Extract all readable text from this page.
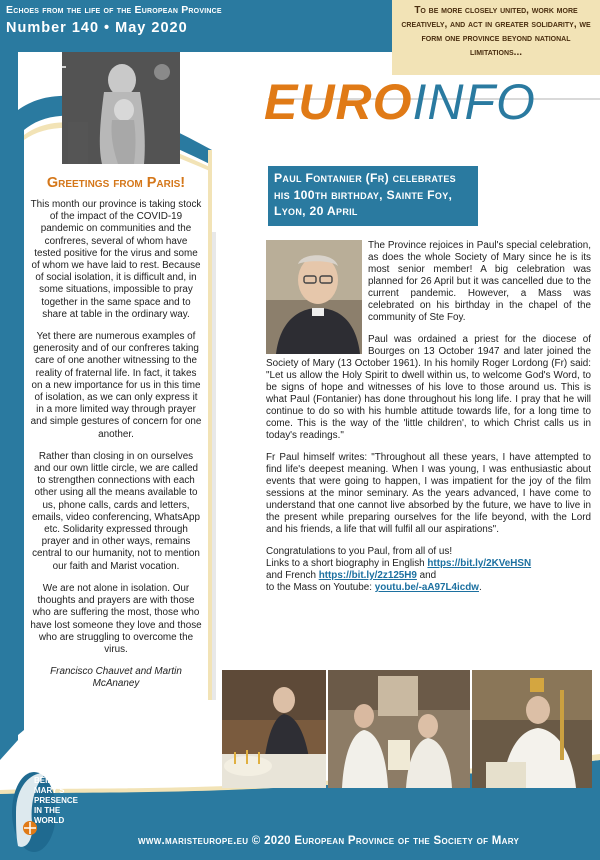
Echoes from the life of the European Province
Number 140 • May 2020

To be more closely united, work more creatively, and act in greater solidarity, we form one province beyond national limitations...

Greetings from Paris!

This month our province is taking stock of the impact of the COVID-19 pandemic on communities and the confreres, several of whom have tested positive for the virus and some of whom we have laid to rest. Because of social isolation, it is difficult and, in some situations, impossible to pray together in the same space and to share at table in the ordinary way.

Yet there are numerous examples of generosity and of our confreres taking care of one another witnessing to the reality of fraternal life. In fact, it takes on a new importance for us in this time of isolation, as we can only express it in a more limited way through prayer and simple gestures of concern for one another.

Rather than closing in on ourselves and our own little circle, we are called to strengthen connections with each other using all the means available to us, phone calls, cards and letters, emails, video conferencing, WhatsApp etc. Solidarity expressed through prayer and in other ways, remains central to our humanity, not to mention our faith and Marist vocation.

We are not alone in isolation. Our thoughts and prayers are with those who are suffering the most, those who have lost someone they love and those who are struggling to overcome the virus.

Francisco Chauvet and Martin McAnaney

EUROINFO

Paul Fontanier (Fr) celebrates his 100th birthday, Sainte Foy, Lyon, 20 April

The Province rejoices in Paul's special celebration, as does the whole Society of Mary since he is its most senior member! A big celebration was planned for 26 April but it was cancelled due to the current pandemic. However, a Mass was celebrated on his birthday in the chapel of the community of Ste Foy.

Paul was ordained a priest for the diocese of Bourges on 13 October 1947 and later joined the Society of Mary (13 October 1961). In his homily Roger Lordong (Fr) said: "Let us allow the Holy Spirit to dwell within us, to welcome God's Word, to be signs of hope and witnesses of his love to those around us. This is what Paul (Fontanier) has done throughout his long life. I pray that he will continue to do so with his humble attitude towards life, for a long time to come. This is the way of the 'little children', to which Christ calls us in today's readings."

Fr Paul himself writes: "Throughout all these years, I have attempted to find life's deepest meaning. When I was young, I was enthusiastic about events that were going to happen, I was impatient for the joy of the film sessions at the minor seminary. As the years advanced, I have come to understand that one cannot live absorbed by the future, we have to live in the present while preparing ourselves for the life beyond, with the Lord and his friends, a life that will fulfil all our aspirations".

Congratulations to you Paul, from all of us!

Links to a short biography in English https://bit.ly/2KVeHSN

and French https://bit.ly/2z125H9 and

to the Mass on Youtube: youtu.be/-aA97L4icdw.

www.maristeurope.eu © 2020 European Province of the Society of Mary
BEING
MARY'S
PRESENCE
IN THE
WORLD
